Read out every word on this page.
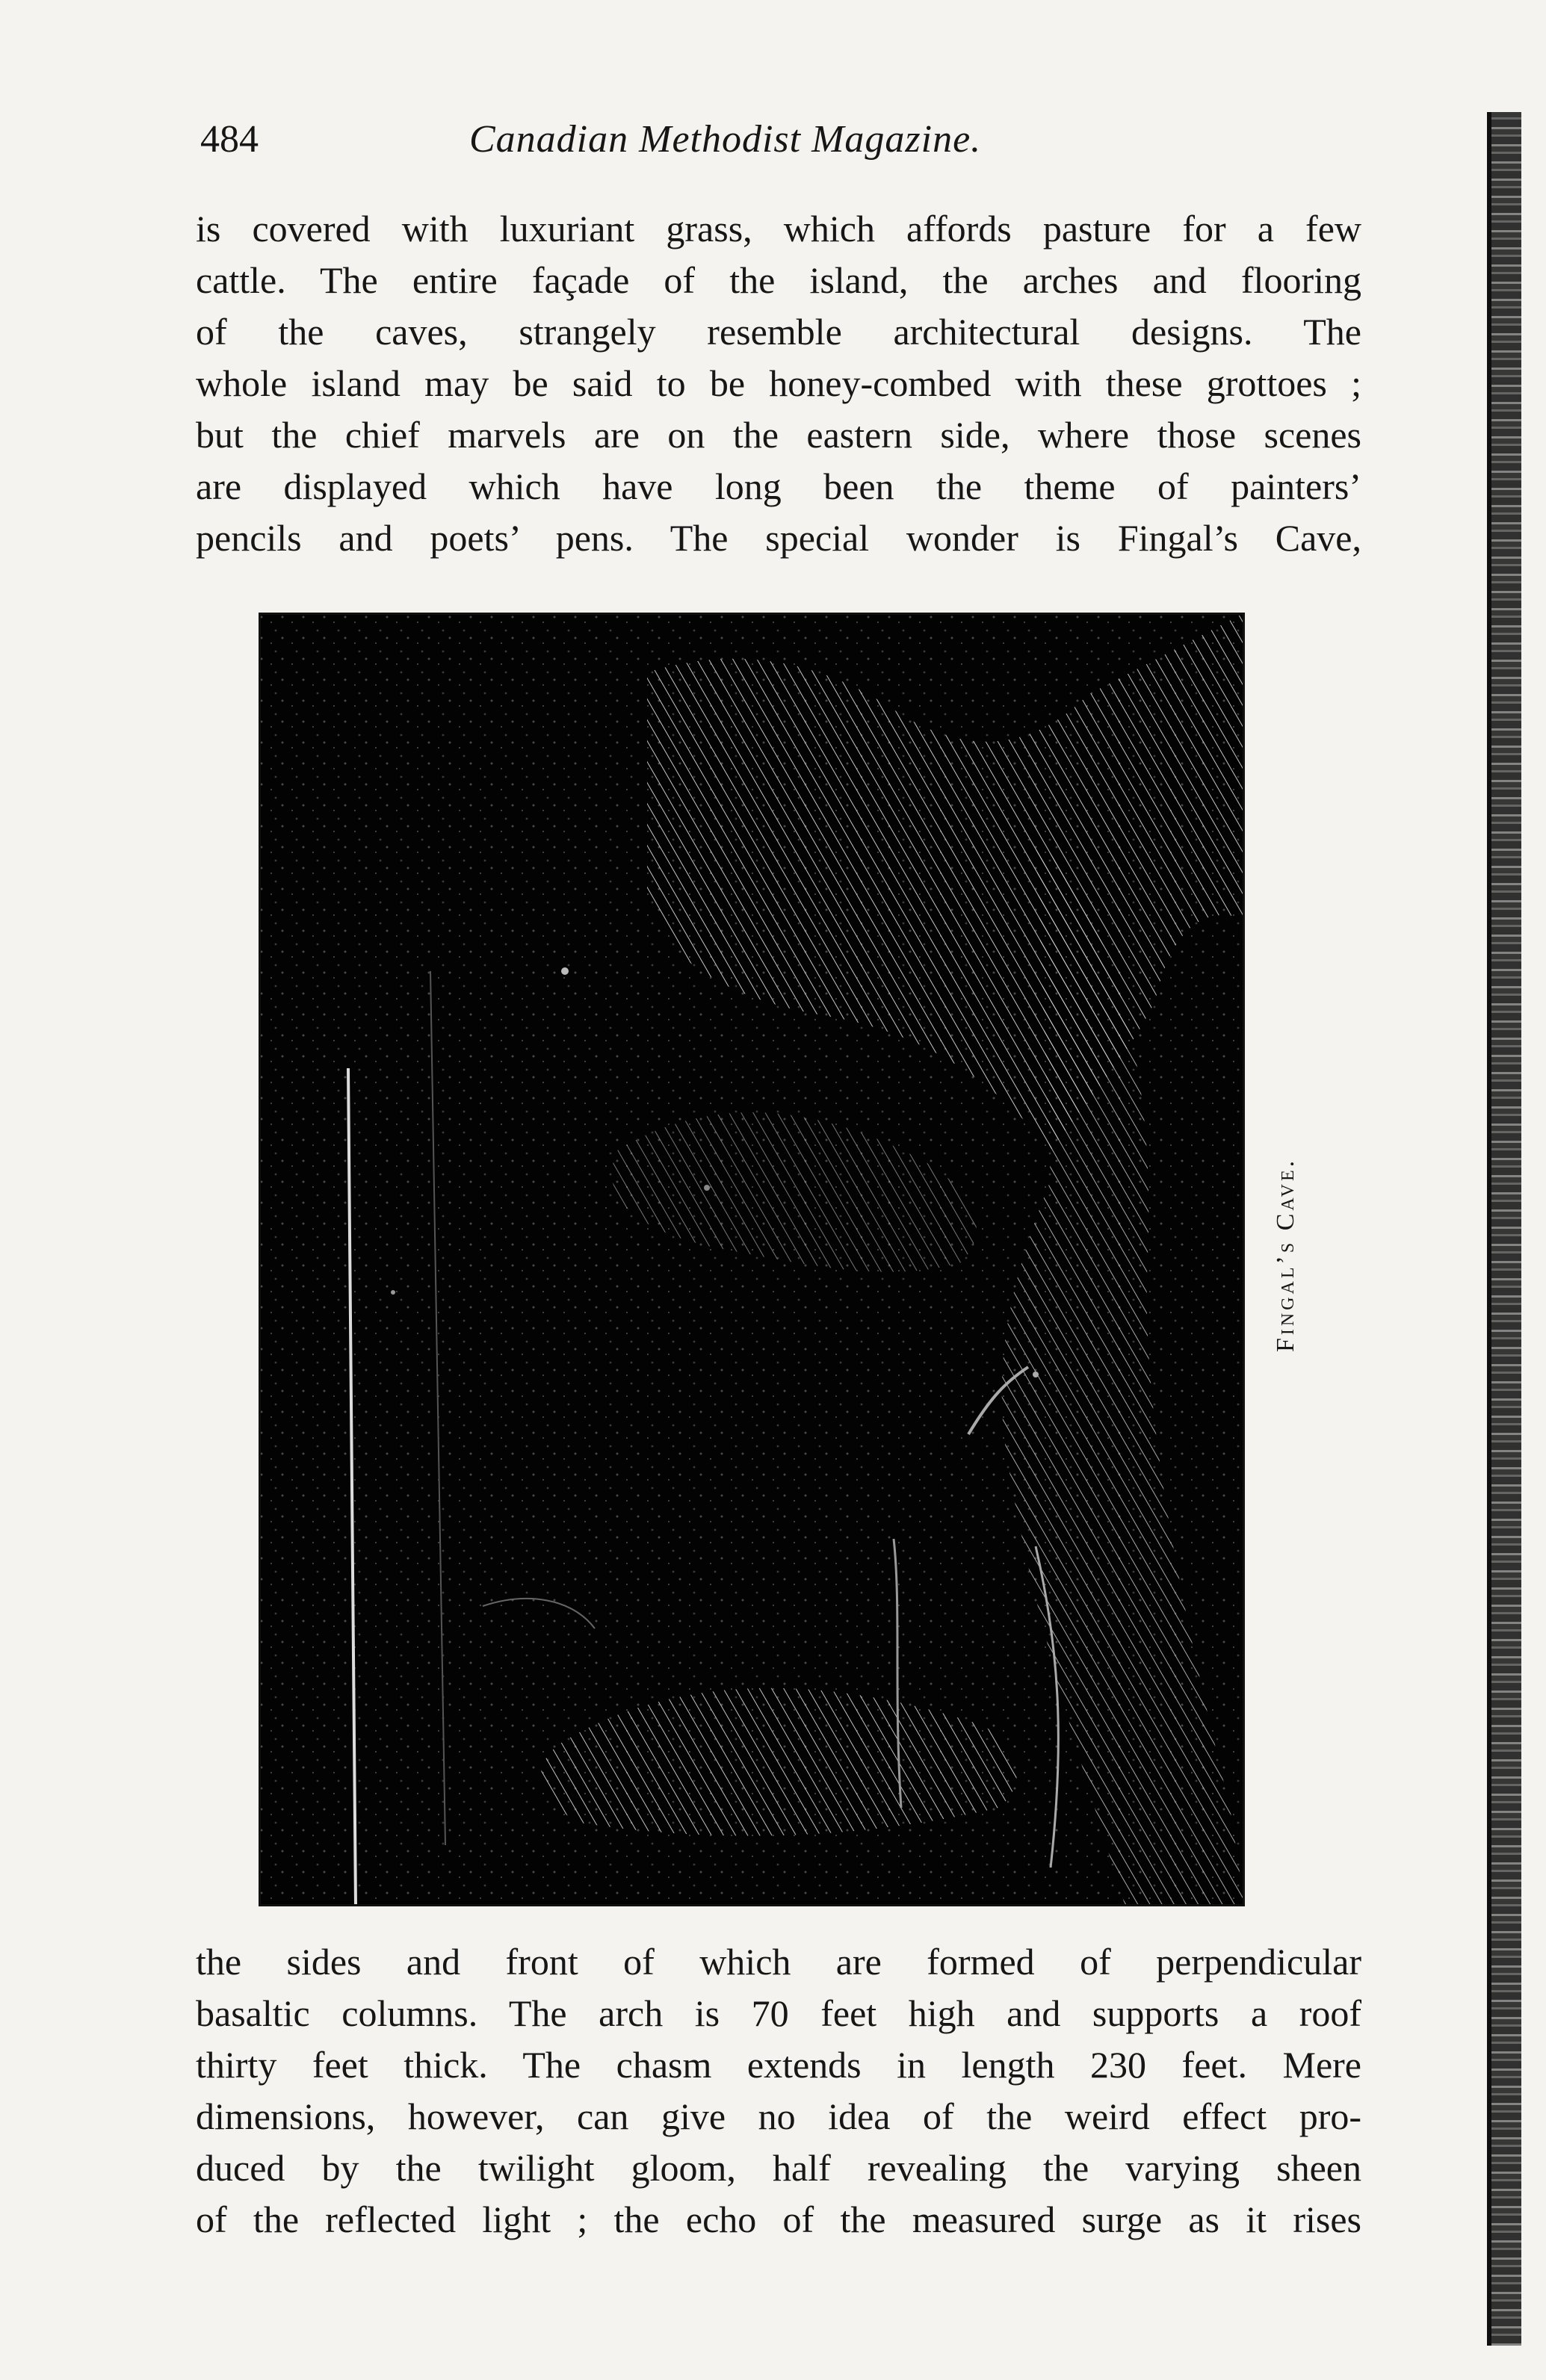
484	Canadian Methodist Magazine.
is covered with luxuriant grass, which affords pasture for a few
cattle. The entire façade of the island, the arches and flooring
of the caves, strangely resemble architectural designs. The
whole island may be said to be honey-combed with these grottoes ;
but the chief marvels are on the eastern side, where those scenes
are displayed which have long been the theme of painters’
pencils and poets’ pens. The special wonder is Fingal’s Cave,
Fingal’s Cave.
the sides and front of which are formed of perpendicular
basaltic columns. The arch is 70 feet high and supports a roof
thirty feet thick. The chasm extends in length 230 feet. Mere
dimensions, however, can give no idea of the weird effect pro-
duced by the twilight gloom, half revealing the varying sheen
of the reflected light ; the echo of the measured surge as it rises
